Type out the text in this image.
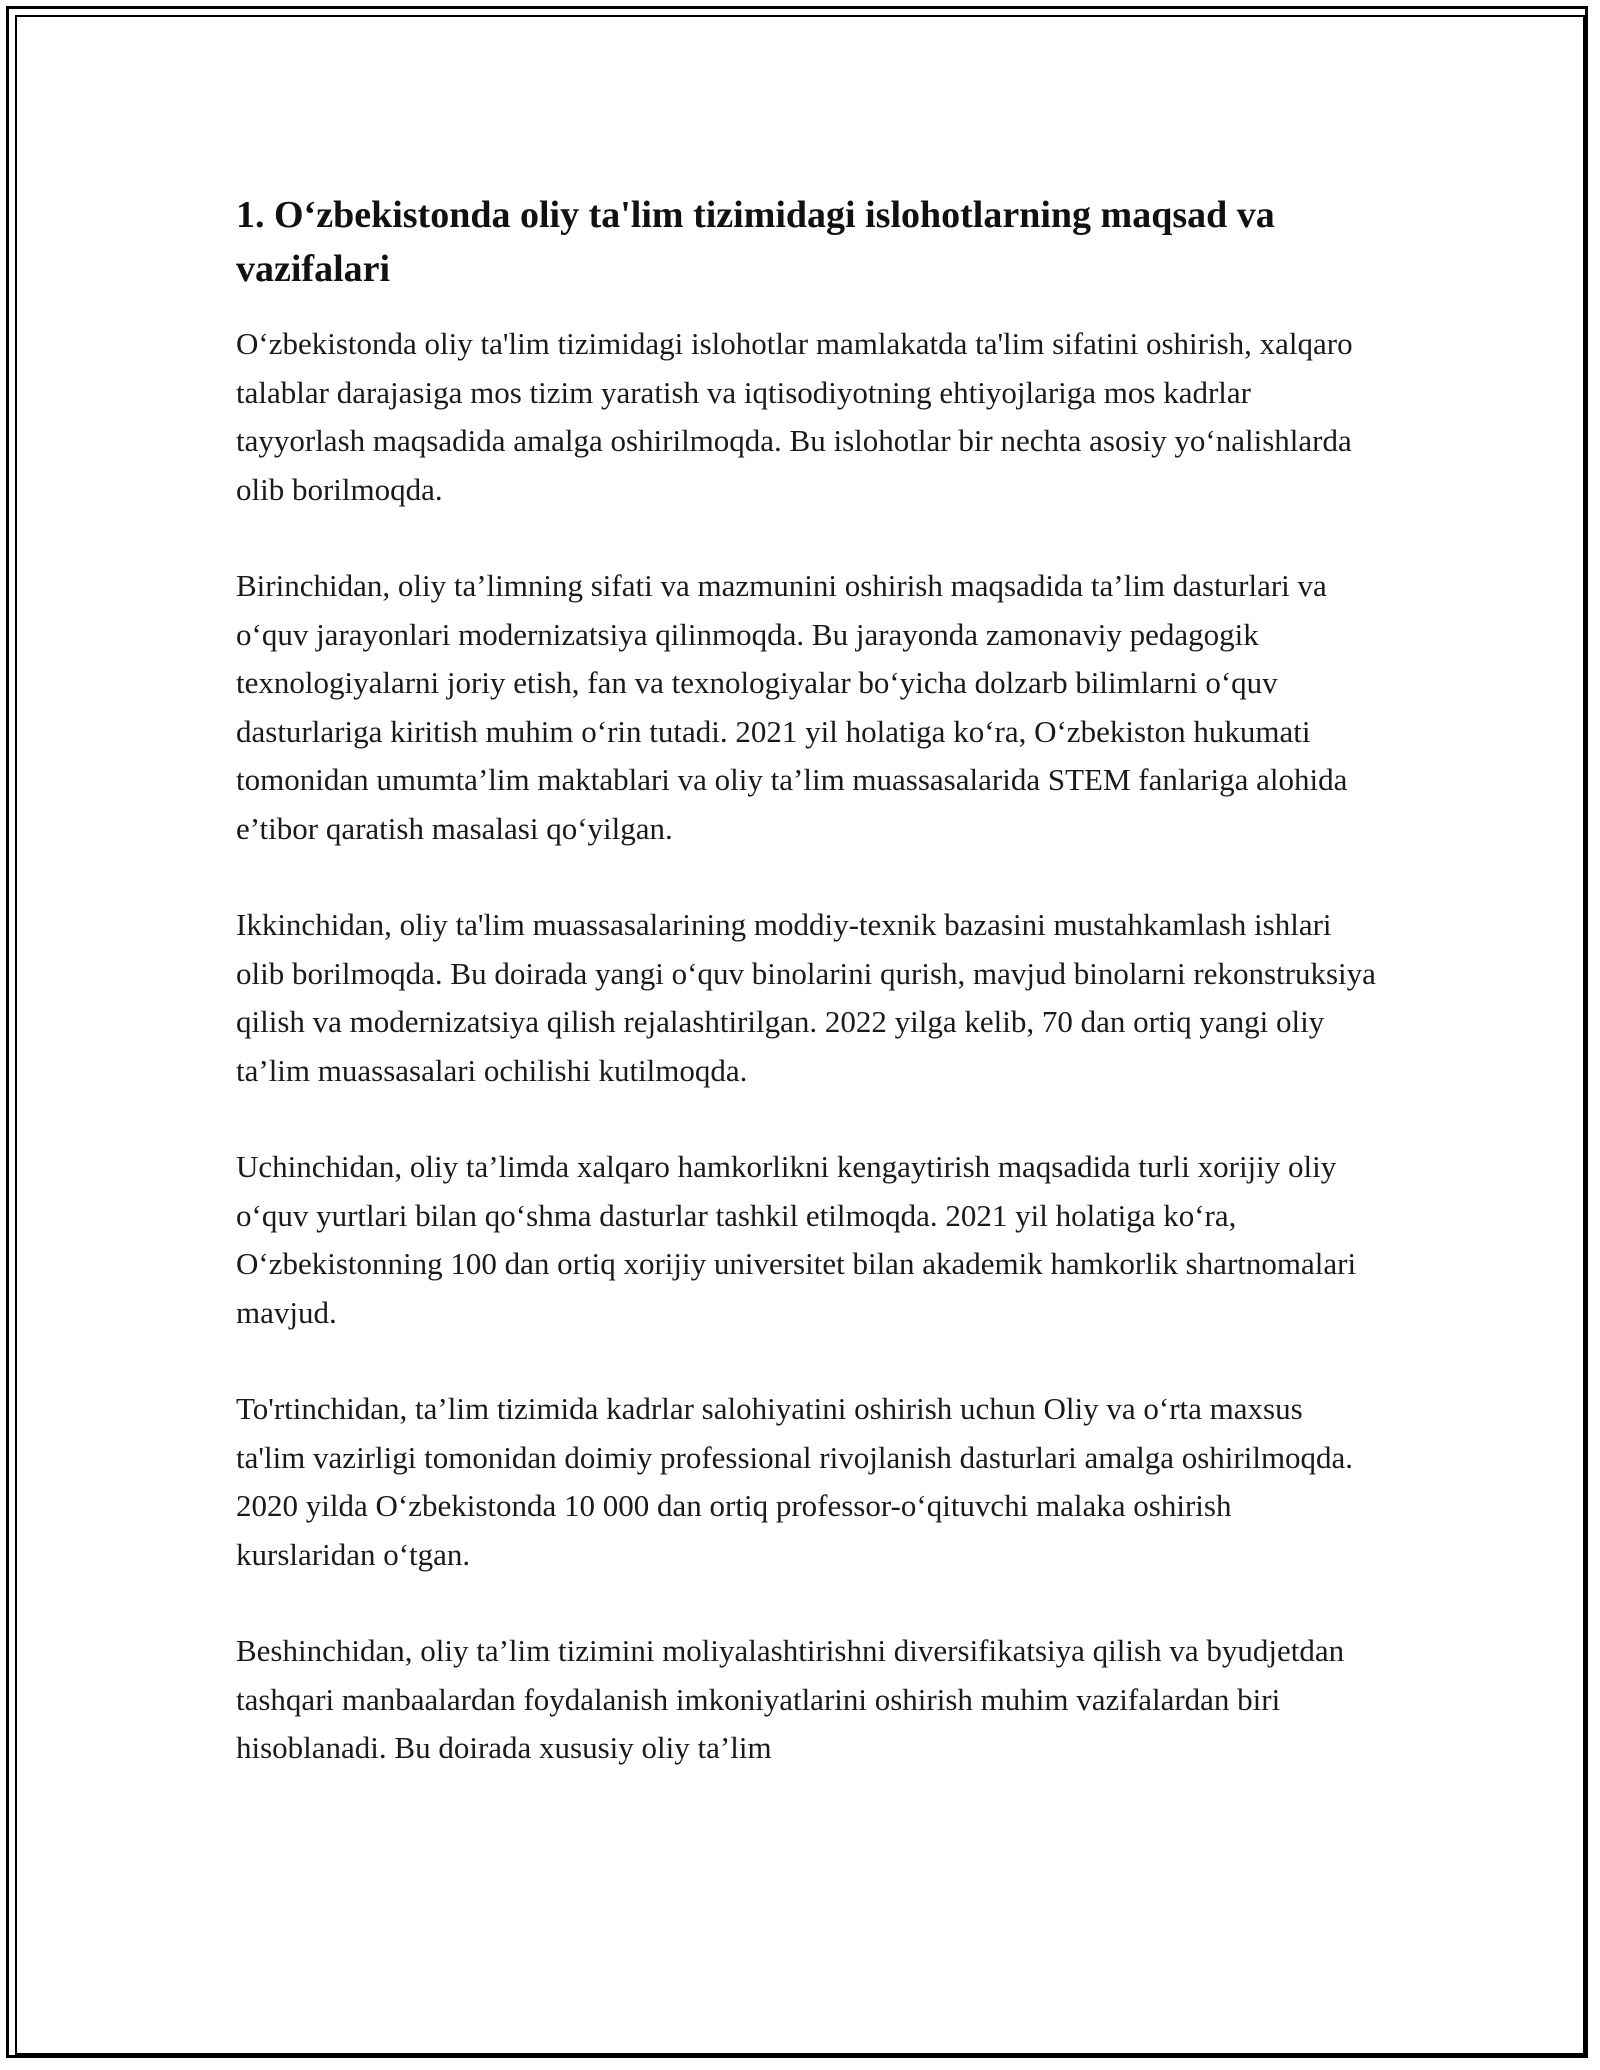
1. O‘zbekistonda oliy ta'lim tizimidagi islohotlarning maqsad va vazifalari

O‘zbekistonda oliy ta'lim tizimidagi islohotlar mamlakatda ta'lim sifatini oshirish, xalqaro talablar darajasiga mos tizim yaratish va iqtisodiyotning ehtiyojlariga mos kadrlar tayyorlash maqsadida amalga oshirilmoqda. Bu islohotlar bir nechta asosiy yo‘nalishlarda olib borilmoqda.

Birinchidan, oliy ta’limning sifati va mazmunini oshirish maqsadida ta’lim dasturlari va o‘quv jarayonlari modernizatsiya qilinmoqda. Bu jarayonda zamonaviy pedagogik texnologiyalarni joriy etish, fan va texnologiyalar bo‘yicha dolzarb bilimlarni o‘quv dasturlariga kiritish muhim o‘rin tutadi. 2021 yil holatiga ko‘ra, O‘zbekiston hukumati tomonidan umumta’lim maktablari va oliy ta’lim muassasalarida STEM fanlariga alohida e’tibor qaratish masalasi qo‘yilgan.

Ikkinchidan, oliy ta'lim muassasalarining moddiy-texnik bazasini mustahkamlash ishlari olib borilmoqda. Bu doirada yangi o‘quv binolarini qurish, mavjud binolarni rekonstruksiya qilish va modernizatsiya qilish rejalashtirilgan. 2022 yilga kelib, 70 dan ortiq yangi oliy ta’lim muassasalari ochilishi kutilmoqda.

Uchinchidan, oliy ta’limda xalqaro hamkorlikni kengaytirish maqsadida turli xorijiy oliy o‘quv yurtlari bilan qo‘shma dasturlar tashkil etilmoqda. 2021 yil holatiga ko‘ra, O‘zbekistonning 100 dan ortiq xorijiy universitet bilan akademik hamkorlik shartnomalari mavjud.

To'rtinchidan, ta’lim tizimida kadrlar salohiyatini oshirish uchun Oliy va o‘rta maxsus ta'lim vazirligi tomonidan doimiy professional rivojlanish dasturlari amalga oshirilmoqda. 2020 yilda O‘zbekistonda 10 000 dan ortiq professor-o‘qituvchi malaka oshirish kurslaridan o‘tgan.

Beshinchidan, oliy ta’lim tizimini moliyalashtirishni diversifikatsiya qilish va byudjetdan tashqari manbaalardan foydalanish imkoniyatlarini oshirish muhim vazifalardan biri hisoblanadi. Bu doirada xususiy oliy ta’lim
